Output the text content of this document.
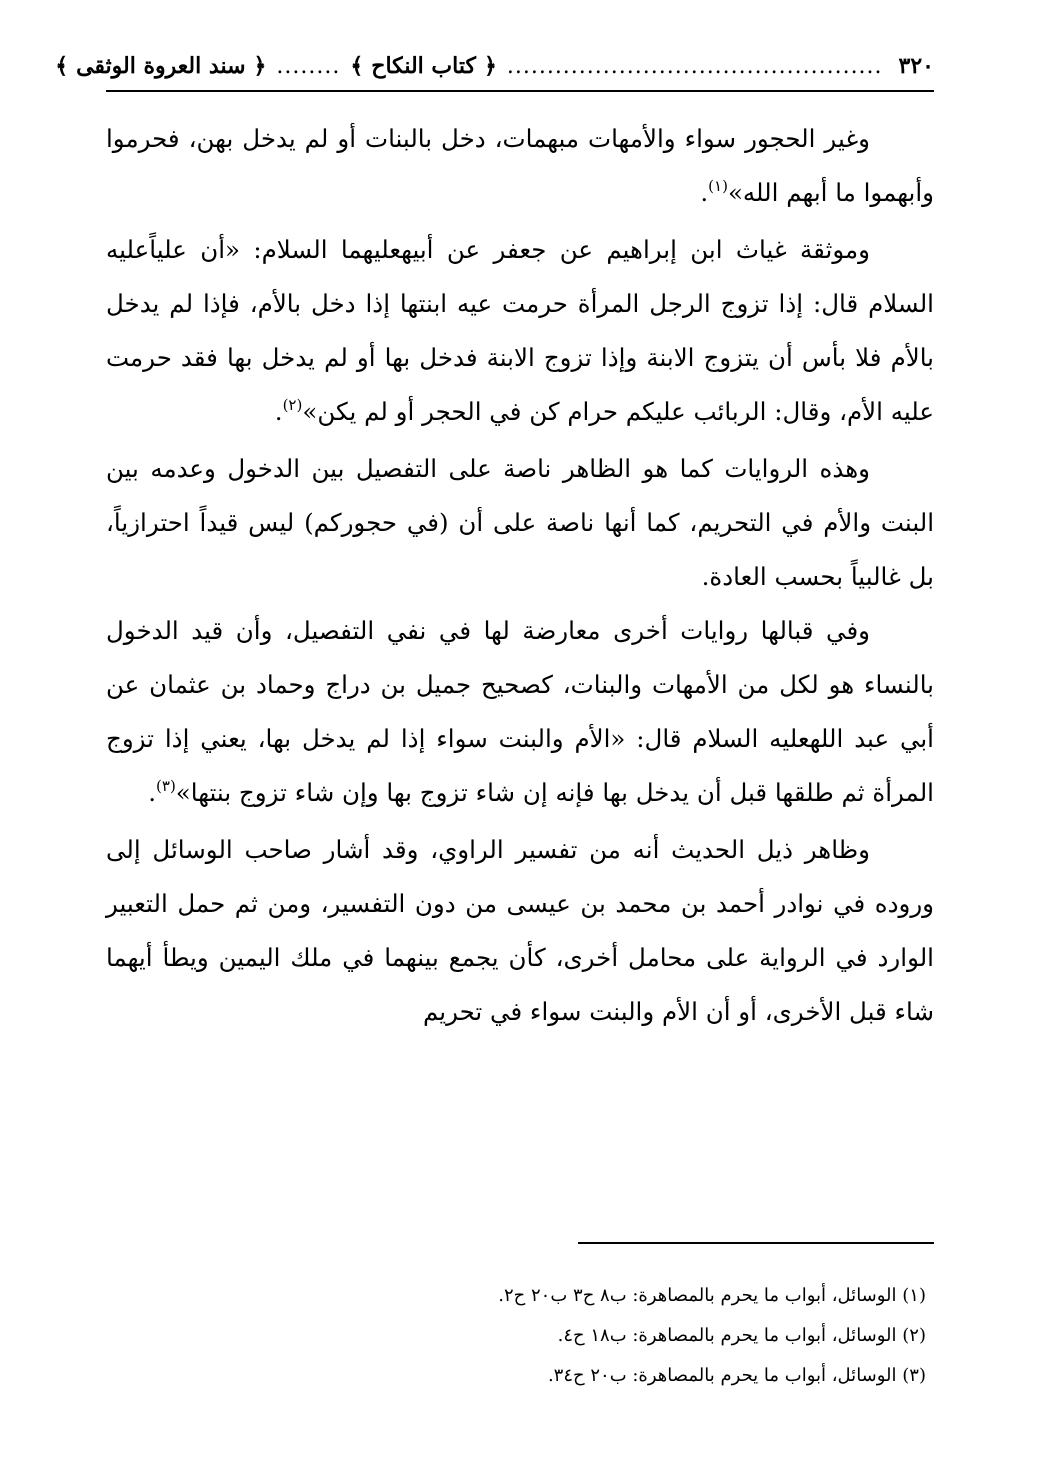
٣٢٠
...............................................
﴿
كتاب النكاح
﴾
........
﴿
سند العروة الوثقى
﴾

وغير الحجور سواء والأمهات مبهمات، دخل بالبنات أو لم يدخل بهن، فحرموا وأبهموا ما أبهم الله»$^{(١)}$.

وموثقة غياث ابن إبراهيم عن جعفر عن أبيهعليهما السلام: «أن علياًعليه السلام قال: إذا تزوج الرجل المرأة حرمت عيه ابنتها إذا دخل بالأم، فإذا لم يدخل بالأم فلا بأس أن يتزوج الابنة وإذا تزوج الابنة فدخل بها أو لم يدخل بها فقد حرمت عليه الأم، وقال: الربائب عليكم حرام كن في الحجر أو لم يكن»$^{(٢)}$.

وهذه الروايات كما هو الظاهر ناصة على التفصيل بين الدخول وعدمه بين البنت والأم في التحريم، كما أنها ناصة على أن (في حجوركم) ليس قيداً احترازياً، بل غالبياً بحسب العادة.

وفي قبالها روايات أخرى معارضة لها في نفي التفصيل، وأن قيد الدخول بالنساء هو لكل من الأمهات والبنات، كصحيح جميل بن دراج وحماد بن عثمان عن أبي عبد اللهعليه السلام قال: «الأم والبنت سواء إذا لم يدخل بها، يعني إذا تزوج المرأة ثم طلقها قبل أن يدخل بها فإنه إن شاء تزوج بها وإن شاء تزوج بنتها»$^{(٣)}$.

وظاهر ذيل الحديث أنه من تفسير الراوي، وقد أشار صاحب الوسائل إلى وروده في نوادر أحمد بن محمد بن عيسى من دون التفسير، ومن ثم حمل التعبير الوارد في الرواية على محامل أخرى، كأن يجمع بينهما في ملك اليمين ويطأ أيهما شاء قبل الأخرى، أو أن الأم والبنت سواء في تحريم

(١) الوسائل، أبواب ما يحرم بالمصاهرة: ب٨ ح٣ ب٢٠ ح٢.
(٢) الوسائل، أبواب ما يحرم بالمصاهرة: ب١٨ ح٤.
(٣) الوسائل، أبواب ما يحرم بالمصاهرة: ب٢٠ ح٣٤.
